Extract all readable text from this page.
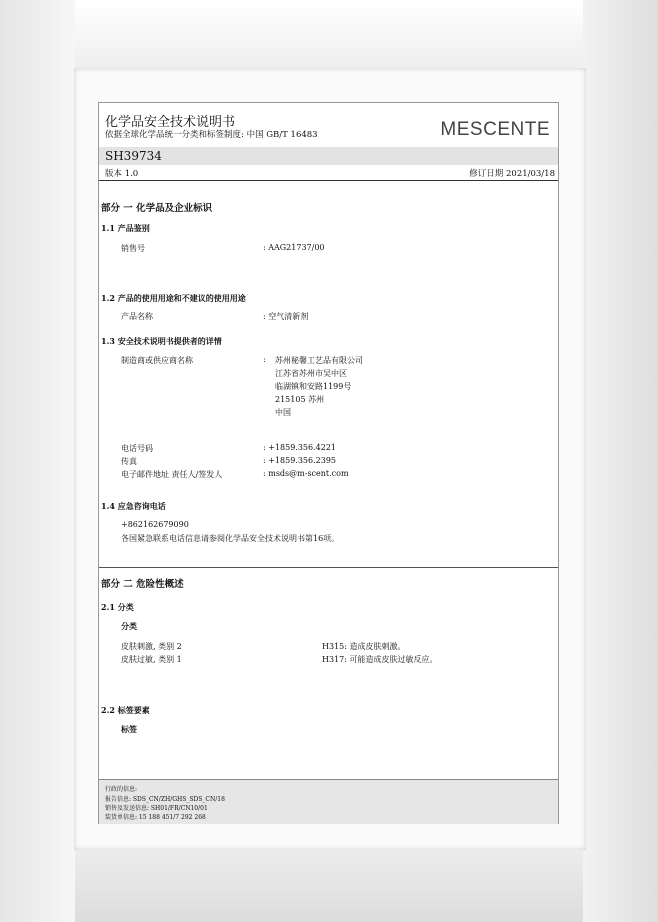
化学品安全技术说明书
依据全球化学品统一分类和标签制度: 中国 GB/T 16483	MESCENTE
SH39734
版本 1.0	修订日期 2021/03/18
部分 一 化学品及企业标识
1.1 产品鉴别
销售号	: AAG21737/00
1.2 产品的使用用途和不建议的使用用途
产品名称	: 空气清新剂
1.3 安全技术说明书提供者的详情
制造商或供应商名称	: 苏州秘馨工艺品有限公司
江苏省苏州市吴中区
临湖镇和安路1199号
215105 苏州
中国
电话号码	: +1859.356.4221
传真	: +1859.356.2395
电子邮件地址 责任人/签发人	: msds@m-scent.com
1.4 应急咨询电话
+862162679090
各国紧急联系电话信息请参阅化学品安全技术说明书第16项。
部分 二 危险性概述
2.1 分类
分类
皮肤刺激, 类别 2	H315: 造成皮肤刺激。
皮肤过敏, 类别 1	H317: 可能造成皮肤过敏反应。
2.2 标签要素
标签
行政的信息:
报告信息: SDS_CN/ZH/GHS_SDS_CN/18
销售及发送信息: SH01/FR/CN10/01
装货单信息: 15 188 451/7 292 268
